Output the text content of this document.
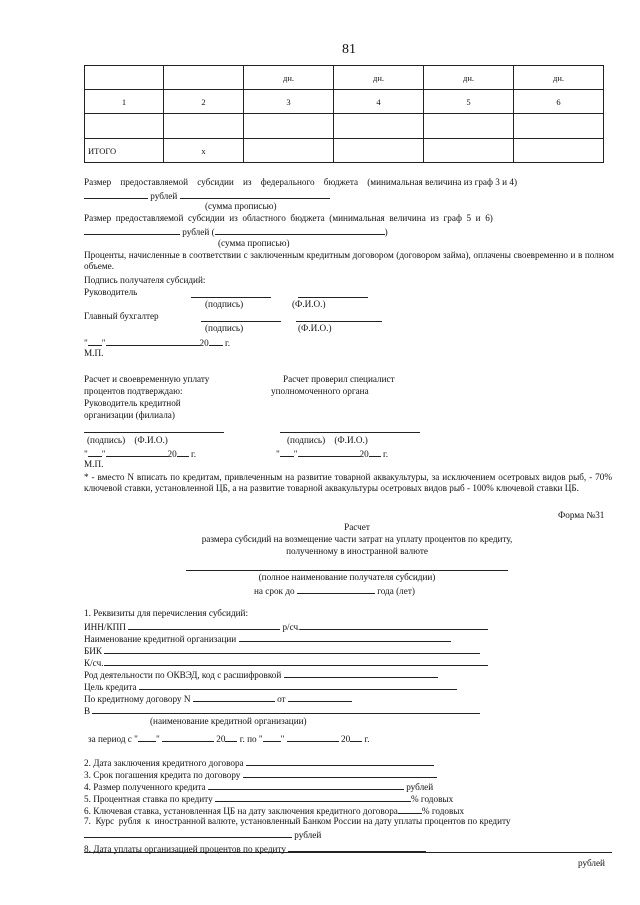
81
		дн.	дн.	дн.	дн.
1	2	3	4	5	6

ИТОГО	x				
Размер    предоставляемой    субсидии    из    федерального    бюджета    (минимальная величина из граф 3 и 4)
рублей
(сумма прописью)
Размер  предоставляемой  субсидии  из  областного  бюджета  (минимальная  величина  из  граф  5  и  6)
рублей (	)
(сумма прописью)
Проценты, начисленные в соответствии с заключенным кредитным договором (договором займа), оплачены своевременно и в полном объеме.
Подпись получателя субсидий:
Руководитель
(подпись)	(Ф.И.О.)
Главный бухгалтер
(подпись)	(Ф.И.О.)
" "	20 г.
М.П.
Расчет и своевременную уплату
процентов подтверждаю:
Руководитель кредитной
организации (филиала)
Расчет проверил специалист
уполномоченного органа
(подпись) (Ф.И.О.)	(подпись) (Ф.И.О.)
" "	20 г.	" "	20 г.
М.П.
* - вместо N вписать по кредитам, привлеченным на развитие товарной аквакультуры, за исключением осетровых видов рыб, - 70% ключевой ставки, установленной ЦБ, а на развитие товарной аквакультуры осетровых видов рыб - 100% ключевой ставки ЦБ.
Форма №31
Расчет
размера субсидий на возмещение части затрат на уплату процентов по кредиту,
полученному в иностранной валюте
(полное наименование получателя субсидии)
на срок до	года (лет)
1. Реквизиты для перечисления субсидий:
ИНН/КПП	р/сч.
Наименование кредитной организации
БИК
К/сч.
Род деятельности по ОКВЭД, код с расшифровкой
Цель кредита
По кредитному договору N	от
В
(наименование кредитной организации)
за период с " "	20 г. по " "	20 г.
2. Дата заключения кредитного договора
3. Срок погашения кредита по договору
4. Размер полученного кредита	рублей
5. Процентная ставка по кредиту	% годовых
6. Ключевая ставка, установленная ЦБ на дату заключения кредитного договора	% годовых
7.  Курс  рубля  к  иностранной валюте, установленный Банком России на дату уплаты процентов по кредиту
рублей
8. Дата уплаты организацией процентов по кредиту
рублей
